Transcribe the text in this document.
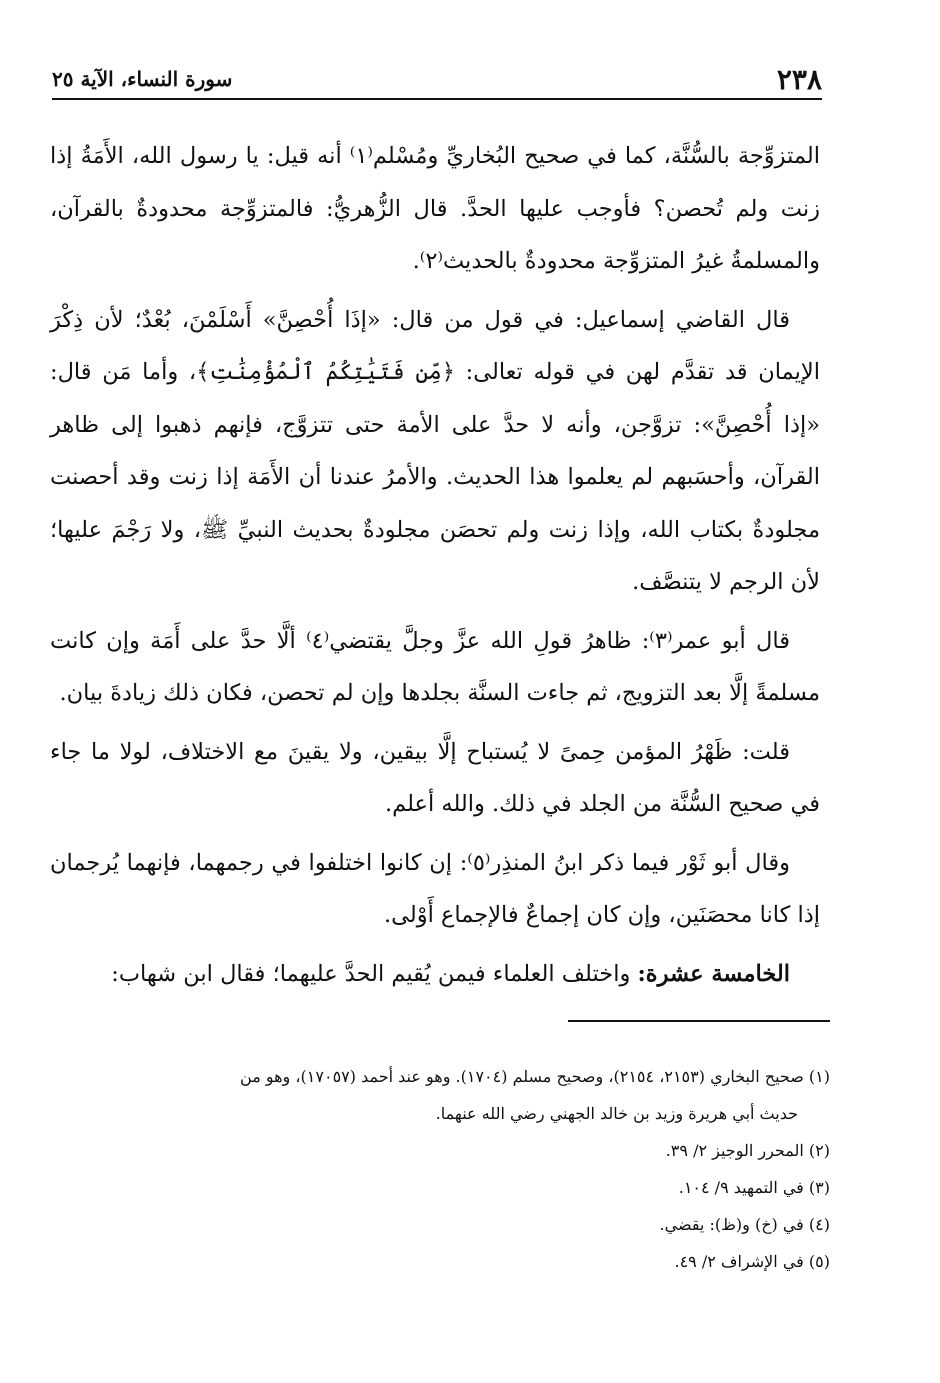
٢٣٨
سورة النساء، الآية ٢٥

المتزوِّجة بالسُّنَّة، كما في صحيح البُخاريِّ ومُسْلم⁽١⁾ أنه قيل: يا رسول الله، الأَمَةُ إذا زنت ولم تُحصن؟ فأوجب عليها الحدَّ. قال الزُّهريُّ: فالمتزوِّجة محدودةٌ بالقرآن، والمسلمةُ غيرُ المتزوِّجة محدودةٌ بالحديث⁽٢⁾.

قال القاضي إسماعيل: في قول من قال: «إذَا أُحْصِنَّ» أَسْلَمْنَ، بُعْدٌ؛ لأن ذِكْرَ الإيمان قد تقدَّم لهن في قوله تعالى: ﴿مِّن فَتَيَٰتِكُمُ ٱلْمُؤْمِنَٰتِ﴾، وأما مَن قال: «إذا أُحْصِنَّ»: تزوَّجن، وأنه لا حدَّ على الأمة حتى تتزوَّج، فإنهم ذهبوا إلى ظاهر القرآن، وأحسَبهم لم يعلموا هذا الحديث. والأمرُ عندنا أن الأَمَة إذا زنت وقد أحصنت مجلودةٌ بكتاب الله، وإذا زنت ولم تحصَن مجلودةٌ بحديث النبيِّ ﷺ، ولا رَجْمَ عليها؛ لأن الرجم لا يتنصَّف.

قال أبو عمر⁽٣⁾: ظاهرُ قولِ الله عزَّ وجلَّ يقتضي⁽٤⁾ ألَّا حدَّ على أَمَة وإن كانت مسلمةً إلَّا بعد التزويج، ثم جاءت السنَّة بجلدها وإن لم تحصن، فكان ذلك زيادةَ بيان.

قلت: ظَهْرُ المؤمن حِمىً لا يُستباح إلَّا بيقين، ولا يقينَ مع الاختلاف، لولا ما جاء في صحيح السُّنَّة من الجلد في ذلك. والله أعلم.

وقال أبو ثَوْر فيما ذكر ابنُ المنذِر⁽٥⁾: إن كانوا اختلفوا في رجمهما، فإنهما يُرجمان إذا كانا محصَنَين، وإن كان إجماعٌ فالإجماع أَوْلى.

الخامسة عشرة: واختلف العلماء فيمن يُقيم الحدَّ عليهما؛ فقال ابن شهاب:

(١) صحيح البخاري (٢١٥٣، ٢١٥٤)، وصحيح مسلم (١٧٠٤). وهو عند أحمد (١٧٠٥٧)، وهو من

حديث أبي هريرة وزيد بن خالد الجهني رضي الله عنهما.

(٢) المحرر الوجيز ٢/ ٣٩.

(٣) في التمهيد ٩/ ١٠٤.

(٤) في (خ) و(ظ): يقضي.

(٥) في الإشراف ٢/ ٤٩.
